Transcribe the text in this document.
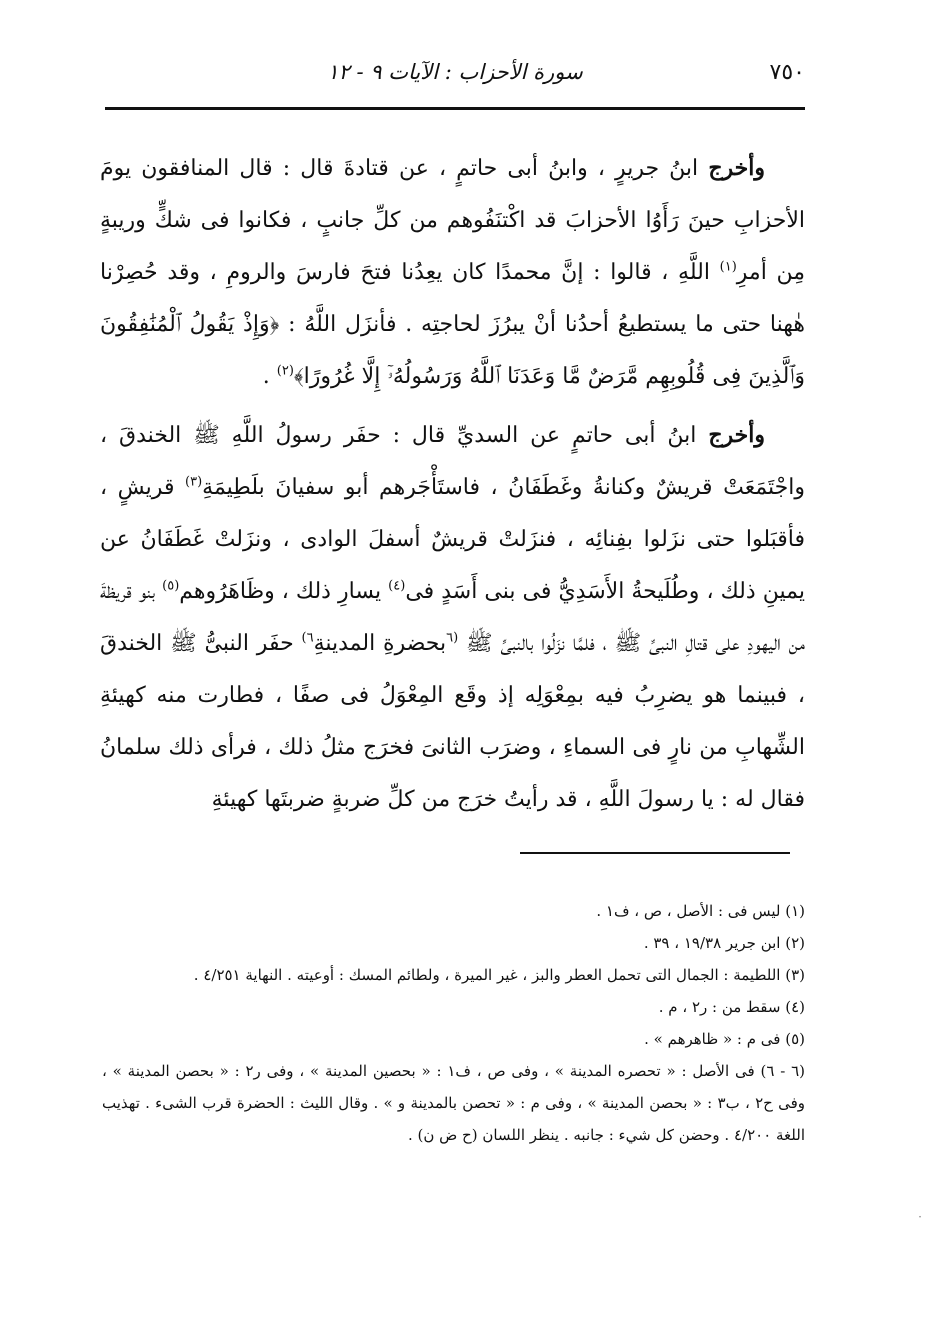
٧٥٠
سورة الأحزاب : الآيات ٩ - ١٢

وأخرج ابنُ جريرٍ ، وابنُ أبى حاتمٍ ، عن قتادةَ قال : قال المنافقون يومَ الأحزابِ حينَ رَأَوُا الأحزابَ قد اكْتنَفُوهم من كلِّ جانبٍ ، فكانوا فى شكٍّ وريبةٍ مِن أمرِ$^{(١)}$ اللَّهِ ، قالوا : إنَّ محمدًا كان يعِدُنا فتحَ فارسَ والرومِ ، وقد حُصِرْنا هٰهنا حتى ما يستطيعُ أحدُنا أنْ يبرُزَ لحاجتِه . فأنزَل اللَّهُ : ﴿وَإِذْ يَقُولُ ٱلْمُنَٰفِقُونَ وَٱلَّذِينَ فِى قُلُوبِهِم مَّرَضٌ مَّا وَعَدَنَا ٱللَّهُ وَرَسُولُهُۥٓ إِلَّا غُرُورًا﴾$^{(٢)}$ .

وأخرج ابنُ أبى حاتمٍ عن السديِّ قال : حفَر رسولُ اللَّهِ ﷺ الخندقَ ، واجْتَمَعَتْ قريشٌ وكنانةُ وغَطَفَانُ ، فاستَأْجَرهم أبو سفيانَ بلَطِيمَةِ$^{(٣)}$ قريشٍ ، فأقبَلوا حتى نزَلوا بفِنائِه ، فنزَلتْ قريشٌ أسفلَ الوادى ، ونزَلتْ غَطَفَانُ عن يمينِ ذلك ، وطُلَيحةُ الأَسَدِيُّ فى بنى أَسَدٍ فى$^{(٤)}$ يسارِ ذلك ، وظَاهَرُوهم$^{(٥)}$ بنو قريظةَ من اليهودِ على قتالِ النبىِّ ﷺ ، فلمَّا نزَلُوا بالنبىِّ ﷺ $^{(٦}$بحضرةِ المدينةِ$^{٦)}$ حفَر النبىُّ ﷺ الخندقَ ، فبينما هو يضرِبُ فيه بمِعْوَلِه إذ وقَع المِعْوَلُ فى صفًا ، فطارت منه كهيئةِ الشِّهابِ من نارٍ فى السماءِ ، وضرَب الثانىَ فخرَج مثلُ ذلك ، فرأى ذلك سلمانُ فقال له : يا رسولَ اللَّهِ ، قد رأيتُ خرَج من كلِّ ضربةٍ ضربتَها كهيئةِ

(١) ليس فى : الأصل ، ص ، ف١ .

(٢) ابن جرير ١٩/٣٨ ، ٣٩ .

(٣) اللطيمة : الجمال التى تحمل العطر والبز ، غير الميرة ، ولطائم المسك : أوعيته . النهاية ٤/٢٥١ .

(٤) سقط من : ر٢ ، م .

(٥) فى م : « ظاهرهم » .

(٦ - ٦) فى الأصل : « تحصره المدينة » ، وفى ص ، ف١ : « بحصين المدينة » ، وفى ر٢ : « بحصن المدينة » ، وفى ح٢ ، ب٣ : « بحصن المدينة » ، وفى م : « تحصن بالمدينة و » . وقال الليث : الحضرة قرب الشىء . تهذيب اللغة ٤/٢٠٠ . وحضن كل شيء : جانبه . ينظر اللسان (ح ض ن) .

·
